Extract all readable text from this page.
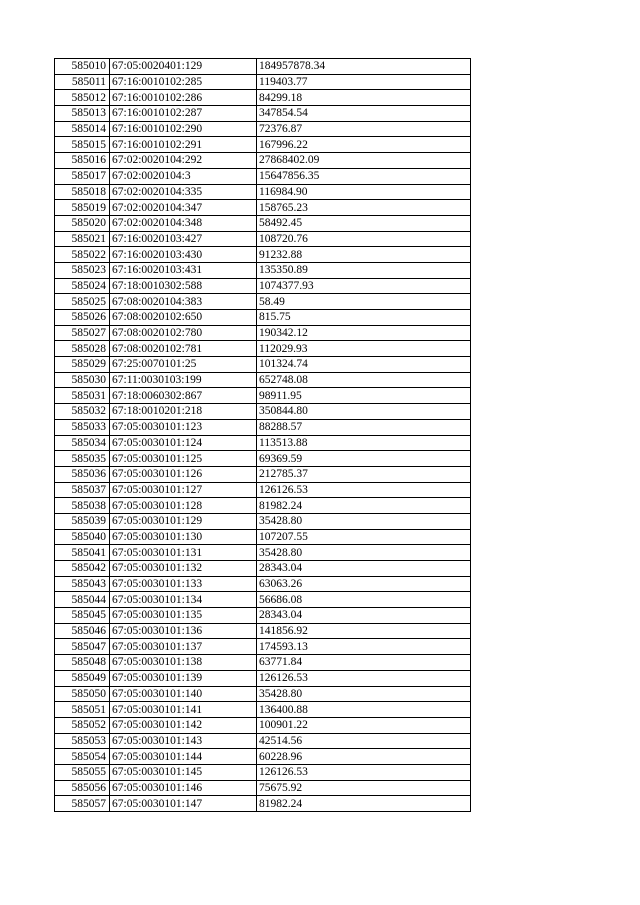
585010	67:05:0020401:129	184957878.34
585011	67:16:0010102:285	119403.77
585012	67:16:0010102:286	84299.18
585013	67:16:0010102:287	347854.54
585014	67:16:0010102:290	72376.87
585015	67:16:0010102:291	167996.22
585016	67:02:0020104:292	27868402.09
585017	67:02:0020104:3	15647856.35
585018	67:02:0020104:335	116984.90
585019	67:02:0020104:347	158765.23
585020	67:02:0020104:348	58492.45
585021	67:16:0020103:427	108720.76
585022	67:16:0020103:430	91232.88
585023	67:16:0020103:431	135350.89
585024	67:18:0010302:588	1074377.93
585025	67:08:0020104:383	58.49
585026	67:08:0020102:650	815.75
585027	67:08:0020102:780	190342.12
585028	67:08:0020102:781	112029.93
585029	67:25:0070101:25	101324.74
585030	67:11:0030103:199	652748.08
585031	67:18:0060302:867	98911.95
585032	67:18:0010201:218	350844.80
585033	67:05:0030101:123	88288.57
585034	67:05:0030101:124	113513.88
585035	67:05:0030101:125	69369.59
585036	67:05:0030101:126	212785.37
585037	67:05:0030101:127	126126.53
585038	67:05:0030101:128	81982.24
585039	67:05:0030101:129	35428.80
585040	67:05:0030101:130	107207.55
585041	67:05:0030101:131	35428.80
585042	67:05:0030101:132	28343.04
585043	67:05:0030101:133	63063.26
585044	67:05:0030101:134	56686.08
585045	67:05:0030101:135	28343.04
585046	67:05:0030101:136	141856.92
585047	67:05:0030101:137	174593.13
585048	67:05:0030101:138	63771.84
585049	67:05:0030101:139	126126.53
585050	67:05:0030101:140	35428.80
585051	67:05:0030101:141	136400.88
585052	67:05:0030101:142	100901.22
585053	67:05:0030101:143	42514.56
585054	67:05:0030101:144	60228.96
585055	67:05:0030101:145	126126.53
585056	67:05:0030101:146	75675.92
585057	67:05:0030101:147	81982.24
